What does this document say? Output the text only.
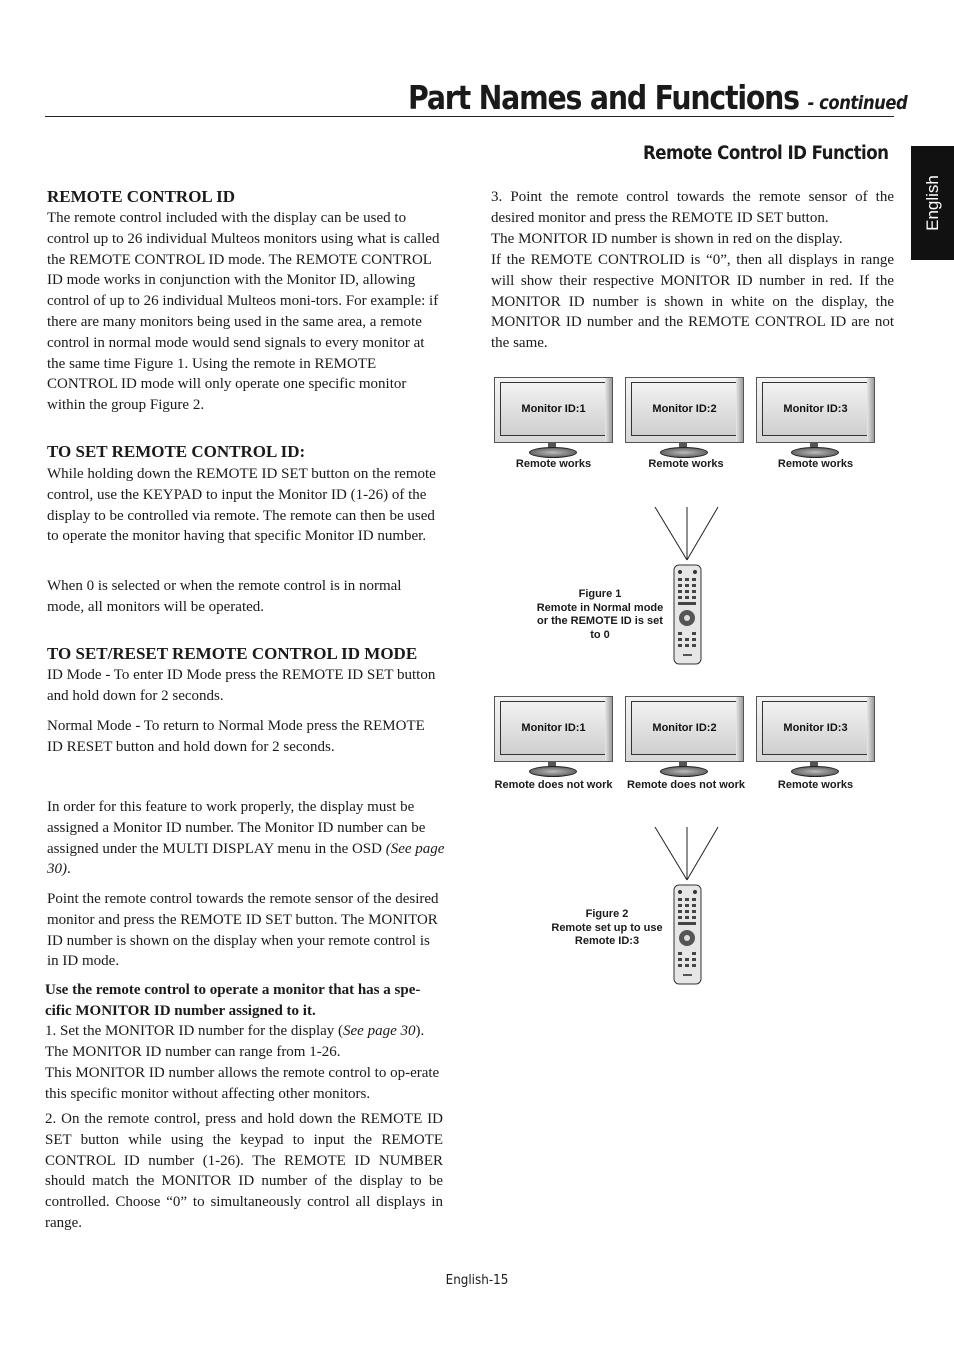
Part Names and Functions - continued
Remote Control ID Function
English
REMOTE CONTROL ID

The remote control included with the display can be used to control up to 26 individual Multeos monitors using what is called the REMOTE CONTROL ID mode. The REMOTE CONTROL ID mode works in conjunction with the Monitor ID, allowing control of up to 26 individual Multeos moni-tors. For example: if there are many monitors being used in the same area, a remote control in normal mode would send signals to every monitor at the same time Figure 1. Using the remote in REMOTE CONTROL ID mode will only operate one specific monitor within the group Figure 2.

TO SET REMOTE CONTROL ID:

While holding down the REMOTE ID SET button on the remote control, use the KEYPAD to input the Monitor ID (1-26) of the display to be controlled via remote. The remote can then be used to operate the monitor having that specific Monitor ID number.

When 0 is selected or when the remote control is in normal mode, all monitors will be operated.

TO SET/RESET REMOTE CONTROL ID MODE

ID Mode - To enter ID Mode press the REMOTE ID SET button and hold down for 2 seconds.

Normal Mode - To return to Normal Mode press the REMOTE ID RESET button and hold down for 2 seconds.

In order for this feature to work properly, the display must be assigned a Monitor ID number. The Monitor ID number can be assigned under the MULTI DISPLAY menu in the OSD (See page 30).

Point the remote control towards the remote sensor of the desired monitor and press the REMOTE ID SET button. The MONITOR ID number is shown on the display when your remote control is in ID mode.

Use the remote control to operate a monitor that has a spe-cific MONITOR ID number assigned to it.

1. Set the MONITOR ID number for the display (See page 30). The MONITOR ID number can range from 1-26.

This MONITOR ID number allows the remote control to op-erate this specific monitor without affecting other monitors.

2. On the remote control, press and hold down the REMOTE ID SET button while using the keypad to input the REMOTE CONTROL ID number (1-26). The REMOTE ID NUMBER should match the MONITOR ID number of the display to be controlled. Choose “0” to simultaneously control all displays in range.

3. Point the remote control towards the remote sensor of the desired monitor and press the REMOTE ID SET button.

The MONITOR ID number is shown in red on the display.

If the REMOTE CONTROLID is “0”, then all displays in range will show their respective MONITOR ID number in red. If the MONITOR ID number is shown in white on the display, the MONITOR ID number and the REMOTE CONTROL ID are not the same.

Monitor ID:1	Monitor ID:2	Monitor ID:3
Remote works	Remote works	Remote works
Figure 1
Remote in Normal mode or the REMOTE ID is set to 0
Monitor ID:1	Monitor ID:2	Monitor ID:3
Remote does not work Remote does not work	Remote works
Figure 2
Remote set up to use Remote ID:3
English-15
